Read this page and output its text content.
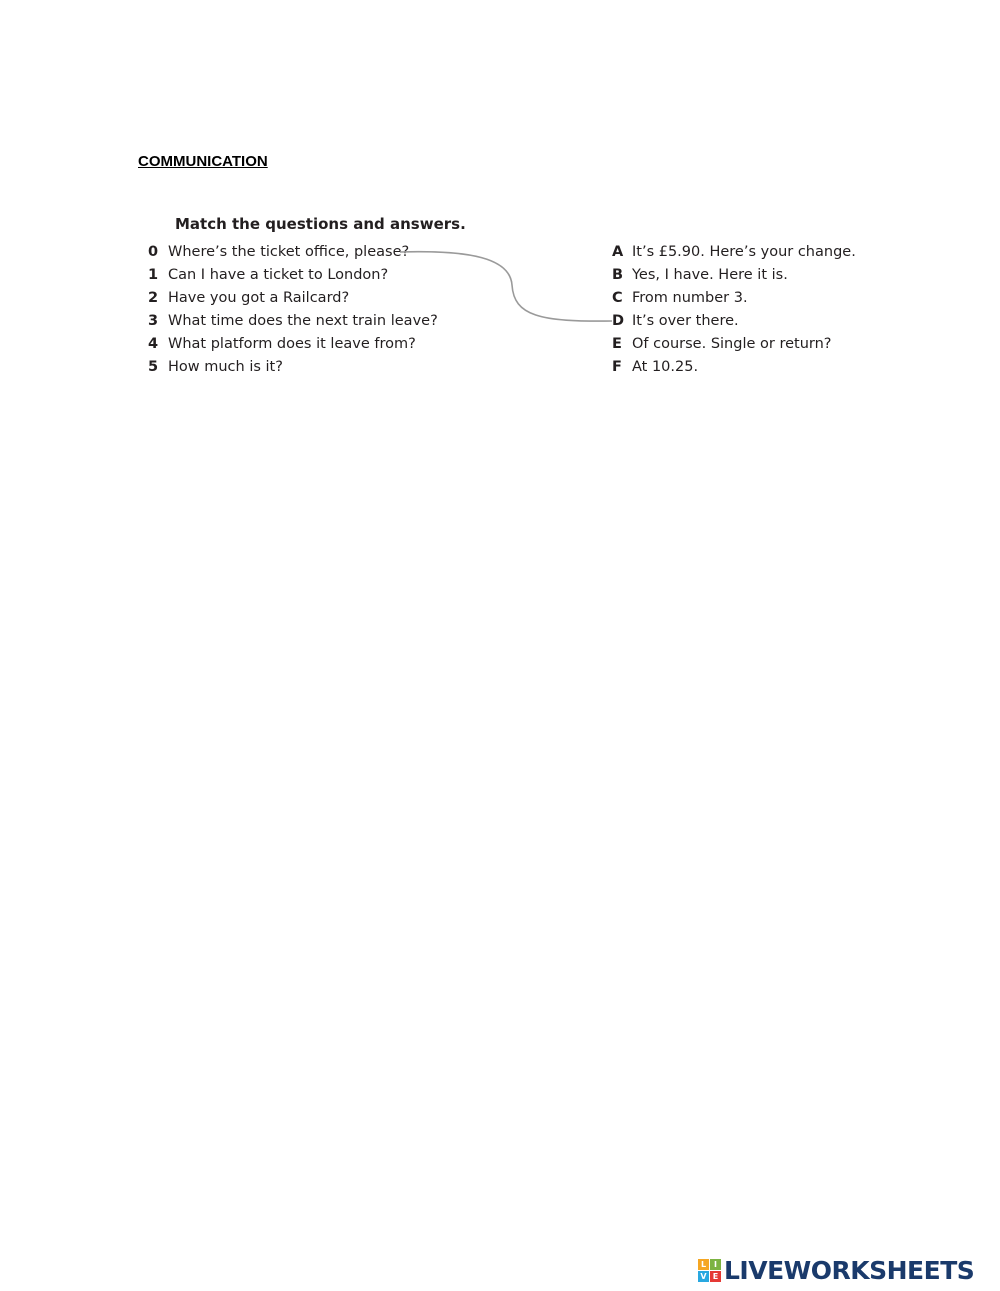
COMMUNICATION
Match the questions and answers.
0 Where’s the ticket office, please?
1 Can I have a ticket to London?
2 Have you got a Railcard?
3 What time does the next train leave?
4 What platform does it leave from?
5 How much is it?
A It’s £5.90. Here’s your change.
B Yes, I have. Here it is.
C From number 3.
D It’s over there.
E Of course. Single or return?
F At 10.25.
L I
V E LIVEWORKSHEETS
